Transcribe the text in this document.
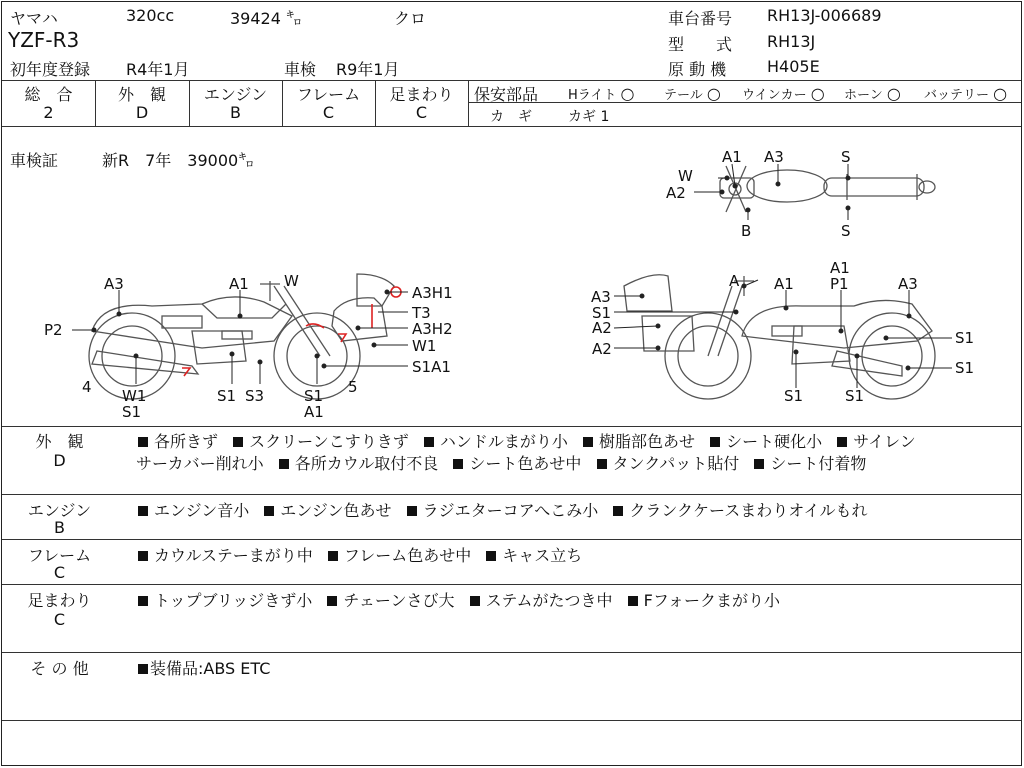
ヤマハ	320cc	39424 ㌔	クロ	車台番号 RH13J-006689
YZF-R3	型　　式 RH13J
初年度登録 R4年1月	車検 R9年1月	原 動 機	H405E
総　合
2
外　観
D
エンジン
B
フレーム
C
足まわり
C
保安部品 Hライト ○ テール ○ ウインカー ○ ホーン ○ バッテリー ○
カ　ギ	カギ 1
車検証	新R　7年　39000㌔
W
A1 A3	S
A2
B	S
A3	A1 W
A3H1
T3
P2	A3H2
W1
S1A1
4 W1
S1
S1 S3	S1
A1
5
A A1
A1
P1	A3
A3
S1
A2
S1
A2
S1
S1	S1
外　観
D
各所きず スクリーンこすりきず ハンドルまがり小 樹脂部色あせ シート硬化小 サイレン
サーカバー削れ小 各所カウル取付不良 シート色あせ中 タンクパット貼付 シート付着物
エンジン
B
エンジン音小 エンジン色あせ ラジエターコアへこみ小 クランクケースまわりオイルもれ
フレーム
C
カウルステーまがり中 フレーム色あせ中 キャス立ち
足まわり
C
トップブリッジきず小 チェーンさび大 ステムがたつき中 Fフォークまがり小
そ の 他	装備品:ABS ETC
